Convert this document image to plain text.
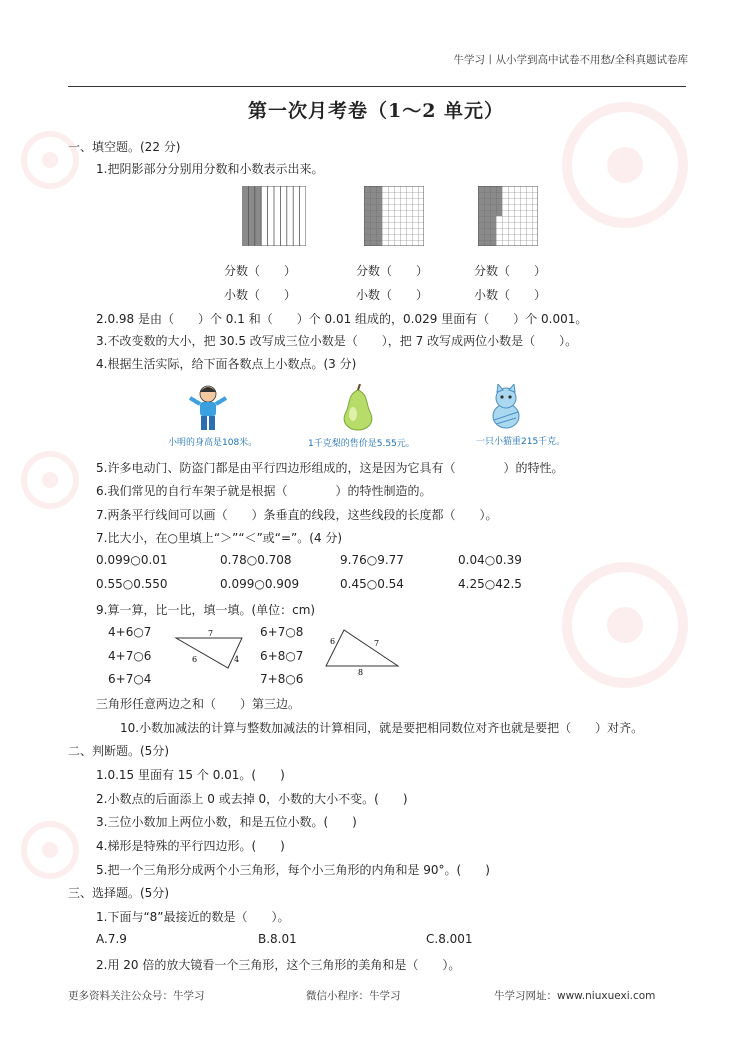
牛学习丨从小学到高中试卷不用愁/全科真题试卷库
第一次月考卷（1～2 单元）
一、填空题。(22 分)
1.把阴影部分分别用分数和小数表示出来。
分数（　　）	分数（　　）	分数（　　）
小数（　　）	小数（　　）	小数（　　）
2.0.98 是由（　　）个 0.1 和（　　）个 0.01 组成的，0.029 里面有（　　）个 0.001。
3.不改变数的大小，把 30.5 改写成三位小数是（　　），把 7 改写成两位小数是（　　）。
4.根据生活实际，给下面各数点上小数点。(3 分)
小明的身高是108米。	1千克梨的售价是5.55元。	一只小猫重215千克。
5.许多电动门、防盗门都是由平行四边形组成的，这是因为它具有（　　　　）的特性。
6.我们常见的自行车架子就是根据（　　　　）的特性制造的。
7.两条平行线间可以画（　　）条垂直的线段，这些线段的长度都（　　）。
7.比大小，在○里填上“＞”“＜”或“=”。(4 分)
0.099○0.01	0.78○0.708	9.76○9.77	0.04○0.39
0.55○0.550	0.099○0.909	0.45○0.54	4.25○42.5
9.算一算，比一比，填一填。(单位：cm)
4+6○7
4+7○6
6+7○4
6+7○8
6+8○7
7+8○6
7
6	4
6	7
8
三角形任意两边之和（　　）第三边。
10.小数加减法的计算与整数加减法的计算相同，就是要把相同数位对齐也就是要把（　　）对齐。
二、判断题。(5分)
1.0.15 里面有 15 个 0.01。(　　)
2.小数点的后面添上 0 或去掉 0，小数的大小不变。(　　)
3.三位小数加上两位小数，和是五位小数。(　　)
4.梯形是特殊的平行四边形。(　　)
5.把一个三角形分成两个小三角形，每个小三角形的内角和是 90°。(　　)
三、选择题。(5分)
1.下面与“8”最接近的数是（　　）。
A.7.9	B.8.01	C.8.001
2.用 20 倍的放大镜看一个三角形，这个三角形的美角和是（　　）。
更多资料关注公众号：牛学习	微信小程序：牛学习	牛学习网址：www.niuxuexi.com
